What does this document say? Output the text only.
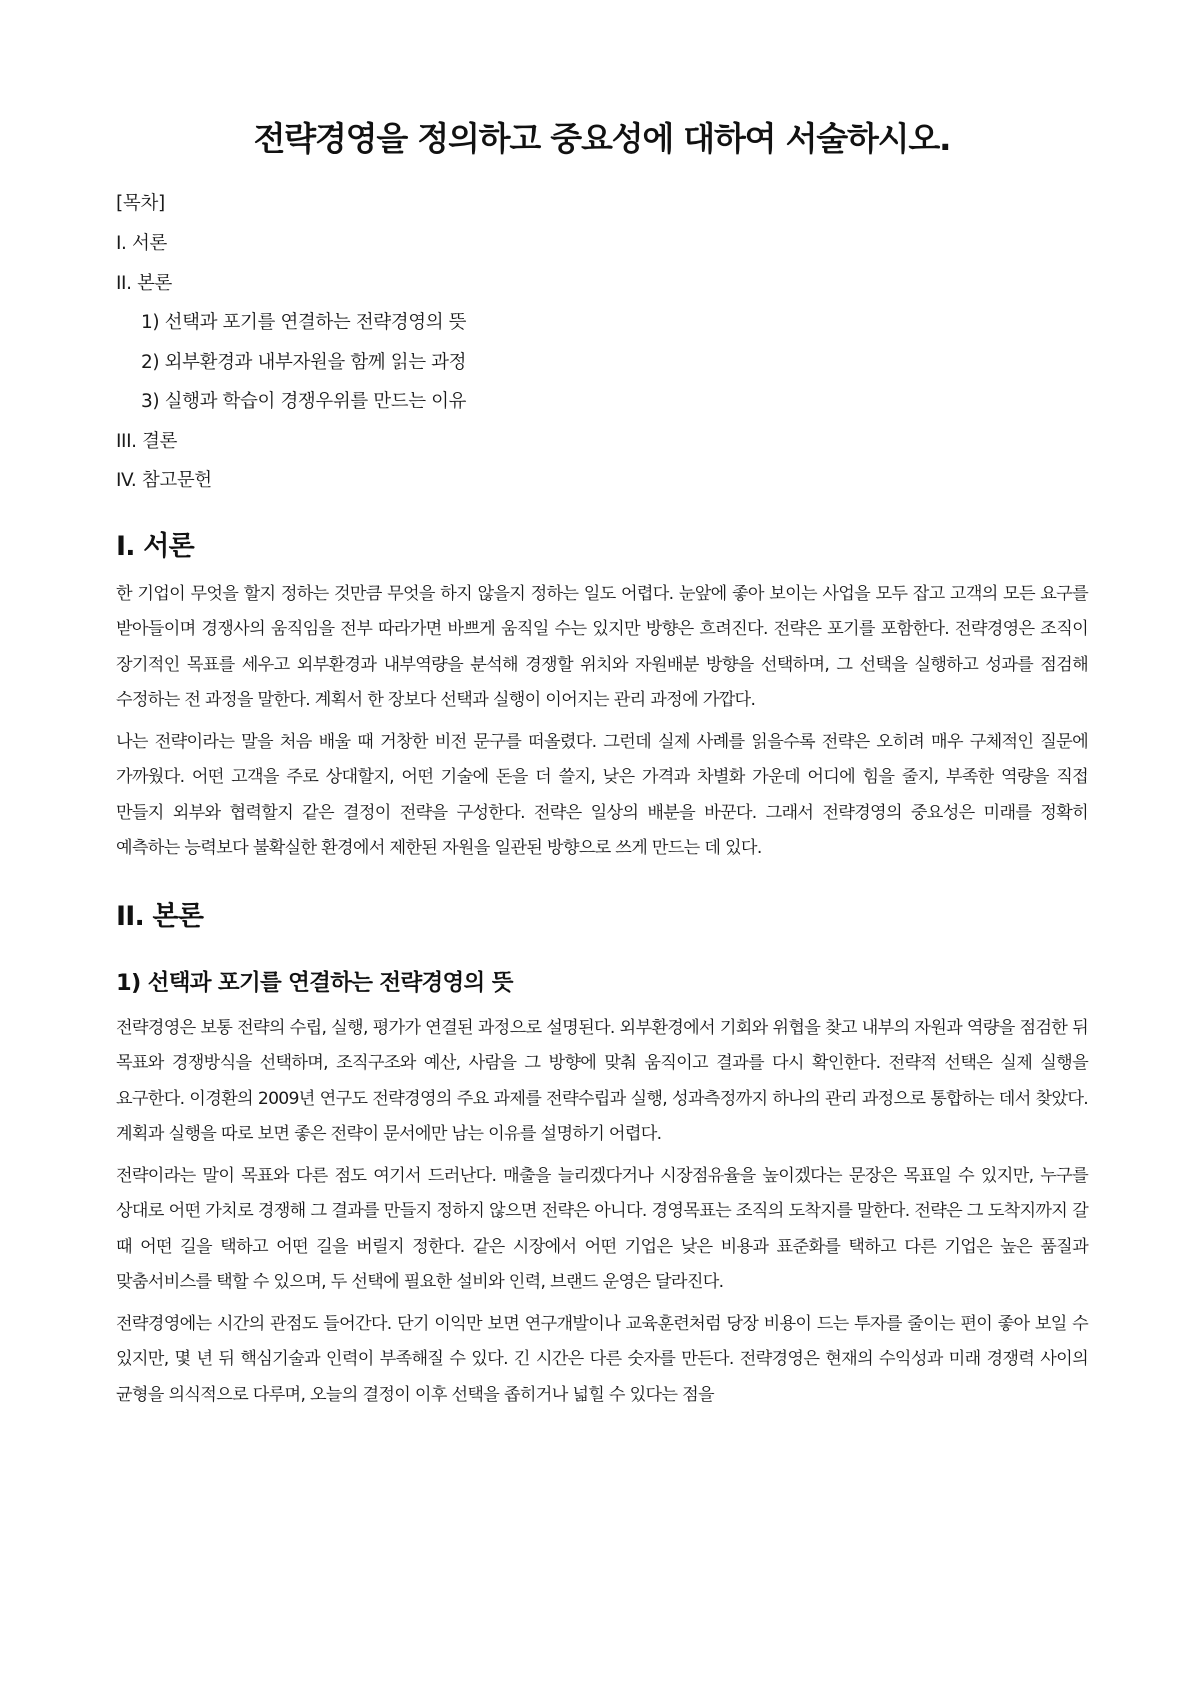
전략경영을 정의하고 중요성에 대하여 서술하시오.

[목차]

I. 서론
II. 본론
1) 선택과 포기를 연결하는 전략경영의 뜻
2) 외부환경과 내부자원을 함께 읽는 과정
3) 실행과 학습이 경쟁우위를 만드는 이유
III. 결론
IV. 참고문헌
I. 서론

한 기업이 무엇을 할지 정하는 것만큼 무엇을 하지 않을지 정하는 일도 어렵다. 눈앞에 좋아 보이는 사업을 모두 잡고 고객의 모든 요구를 받아들이며 경쟁사의 움직임을 전부 따라가면 바쁘게 움직일 수는 있지만 방향은 흐려진다. 전략은 포기를 포함한다. 전략경영은 조직이 장기적인 목표를 세우고 외부환경과 내부역량을 분석해 경쟁할 위치와 자원배분 방향을 선택하며, 그 선택을 실행하고 성과를 점검해 수정하는 전 과정을 말한다. 계획서 한 장보다 선택과 실행이 이어지는 관리 과정에 가깝다.

나는 전략이라는 말을 처음 배울 때 거창한 비전 문구를 떠올렸다. 그런데 실제 사례를 읽을수록 전략은 오히려 매우 구체적인 질문에 가까웠다. 어떤 고객을 주로 상대할지, 어떤 기술에 돈을 더 쓸지, 낮은 가격과 차별화 가운데 어디에 힘을 줄지, 부족한 역량을 직접 만들지 외부와 협력할지 같은 결정이 전략을 구성한다. 전략은 일상의 배분을 바꾼다. 그래서 전략경영의 중요성은 미래를 정확히 예측하는 능력보다 불확실한 환경에서 제한된 자원을 일관된 방향으로 쓰게 만드는 데 있다.

II. 본론
1) 선택과 포기를 연결하는 전략경영의 뜻

전략경영은 보통 전략의 수립, 실행, 평가가 연결된 과정으로 설명된다. 외부환경에서 기회와 위협을 찾고 내부의 자원과 역량을 점검한 뒤 목표와 경쟁방식을 선택하며, 조직구조와 예산, 사람을 그 방향에 맞춰 움직이고 결과를 다시 확인한다. 전략적 선택은 실제 실행을 요구한다. 이경환의 2009년 연구도 전략경영의 주요 과제를 전략수립과 실행, 성과측정까지 하나의 관리 과정으로 통합하는 데서 찾았다. 계획과 실행을 따로 보면 좋은 전략이 문서에만 남는 이유를 설명하기 어렵다.

전략이라는 말이 목표와 다른 점도 여기서 드러난다. 매출을 늘리겠다거나 시장점유율을 높이겠다는 문장은 목표일 수 있지만, 누구를 상대로 어떤 가치로 경쟁해 그 결과를 만들지 정하지 않으면 전략은 아니다. 경영목표는 조직의 도착지를 말한다. 전략은 그 도착지까지 갈 때 어떤 길을 택하고 어떤 길을 버릴지 정한다. 같은 시장에서 어떤 기업은 낮은 비용과 표준화를 택하고 다른 기업은 높은 품질과 맞춤서비스를 택할 수 있으며, 두 선택에 필요한 설비와 인력, 브랜드 운영은 달라진다.

전략경영에는 시간의 관점도 들어간다. 단기 이익만 보면 연구개발이나 교육훈련처럼 당장 비용이 드는 투자를 줄이는 편이 좋아 보일 수 있지만, 몇 년 뒤 핵심기술과 인력이 부족해질 수 있다. 긴 시간은 다른 숫자를 만든다. 전략경영은 현재의 수익성과 미래 경쟁력 사이의 균형을 의식적으로 다루며, 오늘의 결정이 이후 선택을 좁히거나 넓힐 수 있다는 점을
